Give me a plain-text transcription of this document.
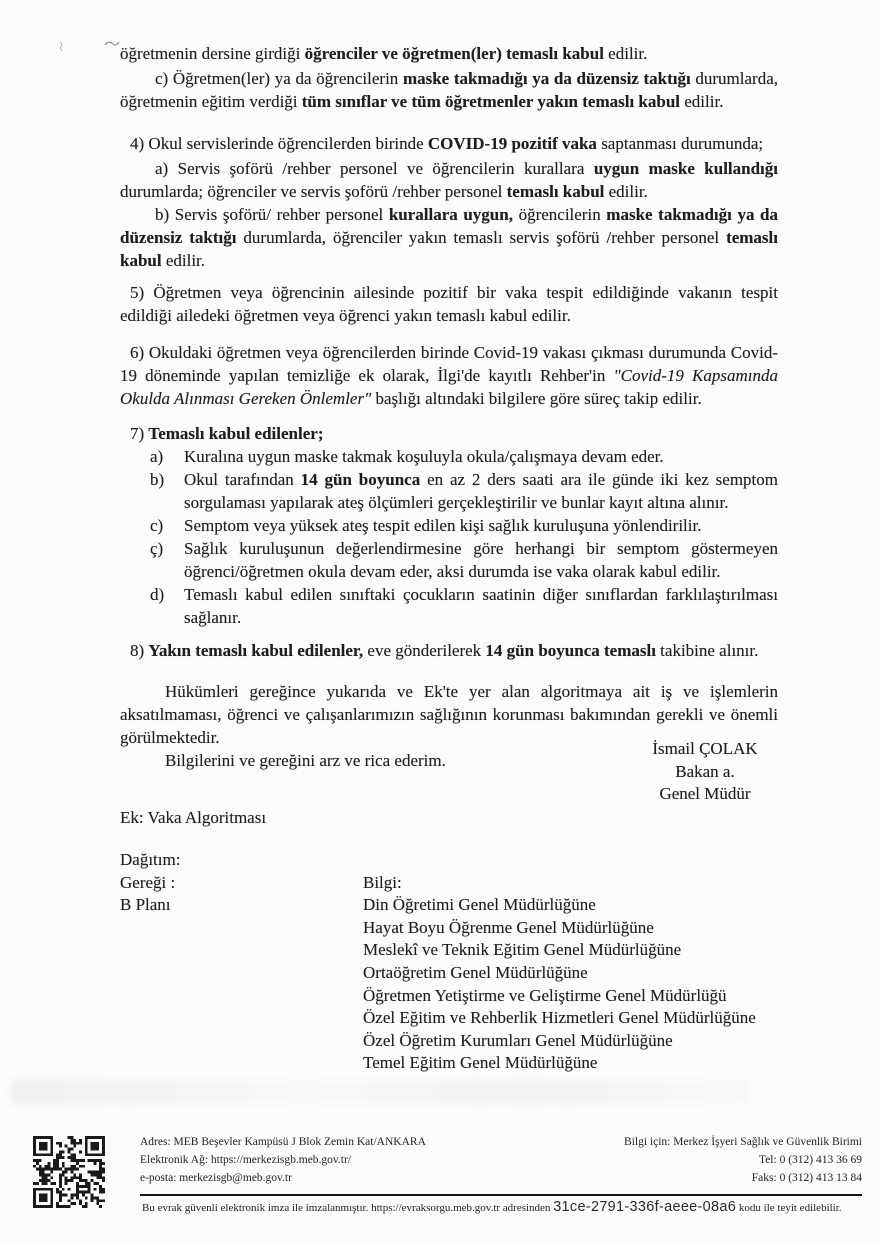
öğretmenin dersine girdiği öğrenciler ve öğretmen(ler) temaslı kabul edilir.

c) Öğretmen(ler) ya da öğrencilerin maske takmadığı ya da düzensiz taktığı durumlarda, öğretmenin eğitim verdiği tüm sınıflar ve tüm öğretmenler yakın temaslı kabul edilir.

4) Okul servislerinde öğrencilerden birinde COVID-19 pozitif vaka saptanması durumunda;

a) Servis şoförü /rehber personel ve öğrencilerin kurallara uygun maske kullandığı durumlarda; öğrenciler ve servis şoförü /rehber personel temaslı kabul edilir.

b) Servis şoförü/ rehber personel kurallara uygun, öğrencilerin maske takmadığı ya da düzensiz taktığı durumlarda, öğrenciler yakın temaslı servis şoförü /rehber personel temaslı kabul edilir.

5) Öğretmen veya öğrencinin ailesinde pozitif bir vaka tespit edildiğinde vakanın tespit edildiği ailedeki öğretmen veya öğrenci yakın temaslı kabul edilir.

6) Okuldaki öğretmen veya öğrencilerden birinde Covid-19 vakası çıkması durumunda Covid-19 döneminde yapılan temizliğe ek olarak, İlgi'de kayıtlı Rehber'in "Covid-19 Kapsamında Okulda Alınması Gereken Önlemler" başlığı altındaki bilgilere göre süreç takip edilir.

7) Temaslı kabul edilenler;

a) Kuralına uygun maske takmak koşuluyla okula/çalışmaya devam eder.

b) Okul tarafından 14 gün boyunca en az 2 ders saati ara ile günde iki kez semptom sorgulaması yapılarak ateş ölçümleri gerçekleştirilir ve bunlar kayıt altına alınır.

c) Semptom veya yüksek ateş tespit edilen kişi sağlık kuruluşuna yönlendirilir.

ç) Sağlık kuruluşunun değerlendirmesine göre herhangi bir semptom göstermeyen öğrenci/öğretmen okula devam eder, aksi durumda ise vaka olarak kabul edilir.

d) Temaslı kabul edilen sınıftaki çocukların saatinin diğer sınıflardan farklılaştırılması sağlanır.

8) Yakın temaslı kabul edilenler, eve gönderilerek 14 gün boyunca temaslı takibine alınır.

Hükümleri gereğince yukarıda ve Ek'te yer alan algoritmaya ait iş ve işlemlerin aksatılmaması, öğrenci ve çalışanlarımızın sağlığının korunması bakımından gerekli ve önemli görülmektedir.

Bilgilerini ve gereğini arz ve rica ederim.

İsmail ÇOLAK
Bakan a.
Genel Müdür
Ek: Vaka Algoritması
Dağıtım:
Gereği :
B Planı
Bilgi:
Din Öğretimi Genel Müdürlüğüne
Hayat Boyu Öğrenme Genel Müdürlüğüne
Meslekî ve Teknik Eğitim Genel Müdürlüğüne
Ortaöğretim Genel Müdürlüğüne
Öğretmen Yetiştirme ve Geliştirme Genel Müdürlüğü
Özel Eğitim ve Rehberlik Hizmetleri Genel Müdürlüğüne
Özel Öğretim Kurumları Genel Müdürlüğüne
Temel Eğitim Genel Müdürlüğüne
Adres: MEB Beşevler Kampüsü J Blok Zemin Kat/ANKARA
Elektronik Ağ: https://merkezisgb.meb.gov.tr/
e-posta: merkezisgb@meb.gov.tr
Bilgi için: Merkez İşyeri Sağlık ve Güvenlik Birimi
Tel: 0 (312) 413 36 69
Faks: 0 (312) 413 13 84
Bu evrak güvenli elektronik imza ile imzalanmıştır. https://evraksorgu.meb.gov.tr adresinden 31ce-2791-336f-aeee-08a6 kodu ile teyit edilebilir.
